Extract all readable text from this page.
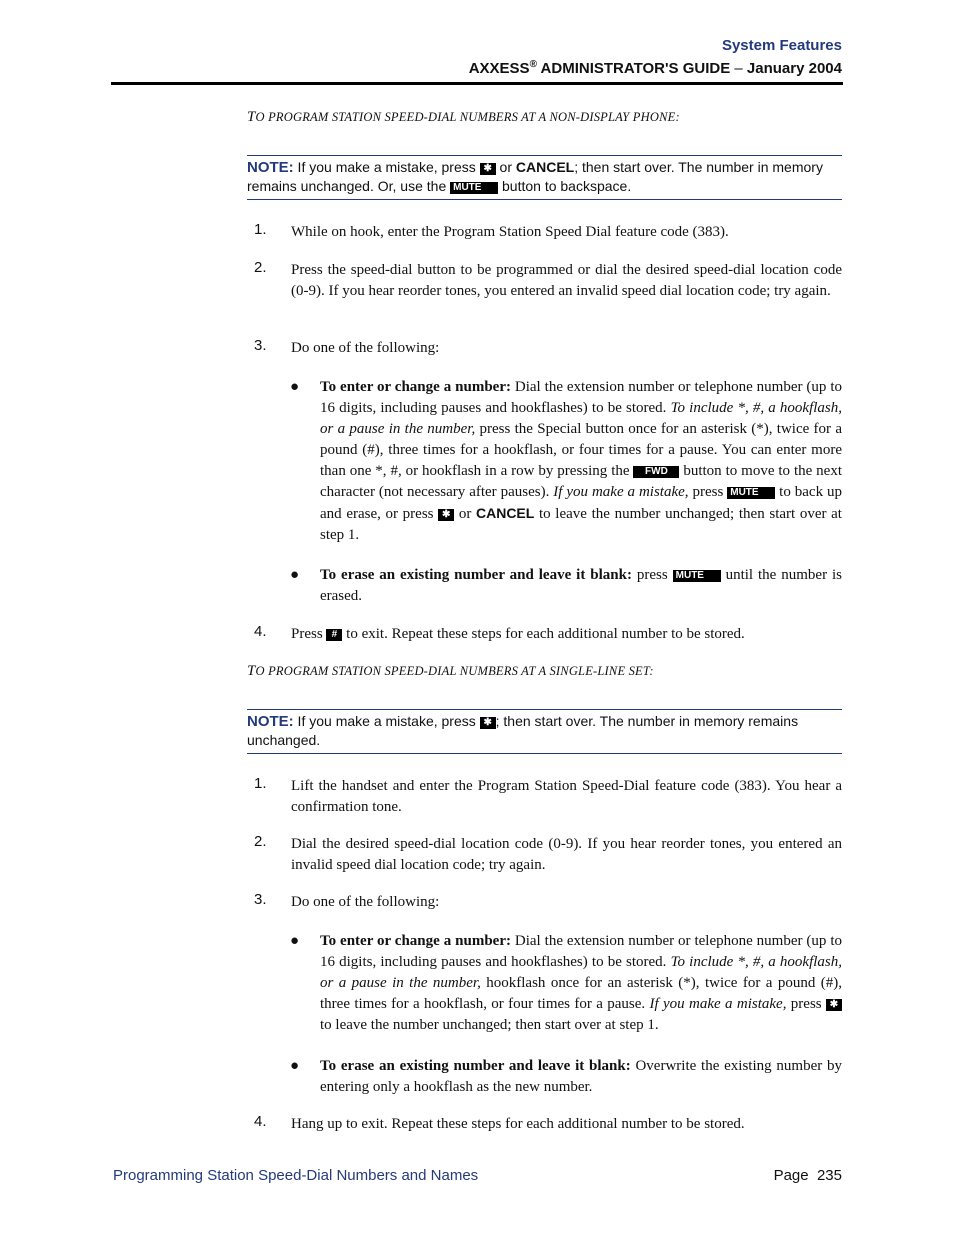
System Features
AXXESS® ADMINISTRATOR'S GUIDE – January 2004
TO PROGRAM STATION SPEED-DIAL NUMBERS AT A NON-DISPLAY PHONE:
NOTE: If you make a mistake, press ✱ or CANCEL; then start over. The number in memory remains unchanged. Or, use the MUTE button to backspace.
1. While on hook, enter the Program Station Speed Dial feature code (383).
2. Press the speed-dial button to be programmed or dial the desired speed-dial location code (0-9). If you hear reorder tones, you entered an invalid speed dial location code; try again.
3. Do one of the following:
● To enter or change a number: Dial the extension number or telephone number (up to 16 digits, including pauses and hookflashes) to be stored. To include *, #, a hookflash, or a pause in the number, press the Special button once for an asterisk (*), twice for a pound (#), three times for a hookflash, or four times for a pause. You can enter more than one *, #, or hookflash in a row by pressing the FWD button to move to the next character (not necessary after pauses). If you make a mistake, press MUTE to back up and erase, or press ✱ or CANCEL to leave the number unchanged; then start over at step 1.
● To erase an existing number and leave it blank: press MUTE until the number is erased.
4. Press # to exit. Repeat these steps for each additional number to be stored.
TO PROGRAM STATION SPEED-DIAL NUMBERS AT A SINGLE-LINE SET:
NOTE: If you make a mistake, press ✱ ; then start over. The number in memory remains unchanged.
1. Lift the handset and enter the Program Station Speed-Dial feature code (383). You hear a confirmation tone.
2. Dial the desired speed-dial location code (0-9). If you hear reorder tones, you entered an invalid speed dial location code; try again.
3. Do one of the following:
● To enter or change a number: Dial the extension number or telephone number (up to 16 digits, including pauses and hookflashes) to be stored. To include *, #, a hookflash, or a pause in the number, hookflash once for an asterisk (*), twice for a pound (#), three times for a hookflash, or four times for a pause. If you make a mistake, press ✱ to leave the number unchanged; then start over at step 1.
● To erase an existing number and leave it blank: Overwrite the existing number by entering only a hookflash as the new number.
4. Hang up to exit. Repeat these steps for each additional number to be stored.
Programming Station Speed-Dial Numbers and Names	Page 235
